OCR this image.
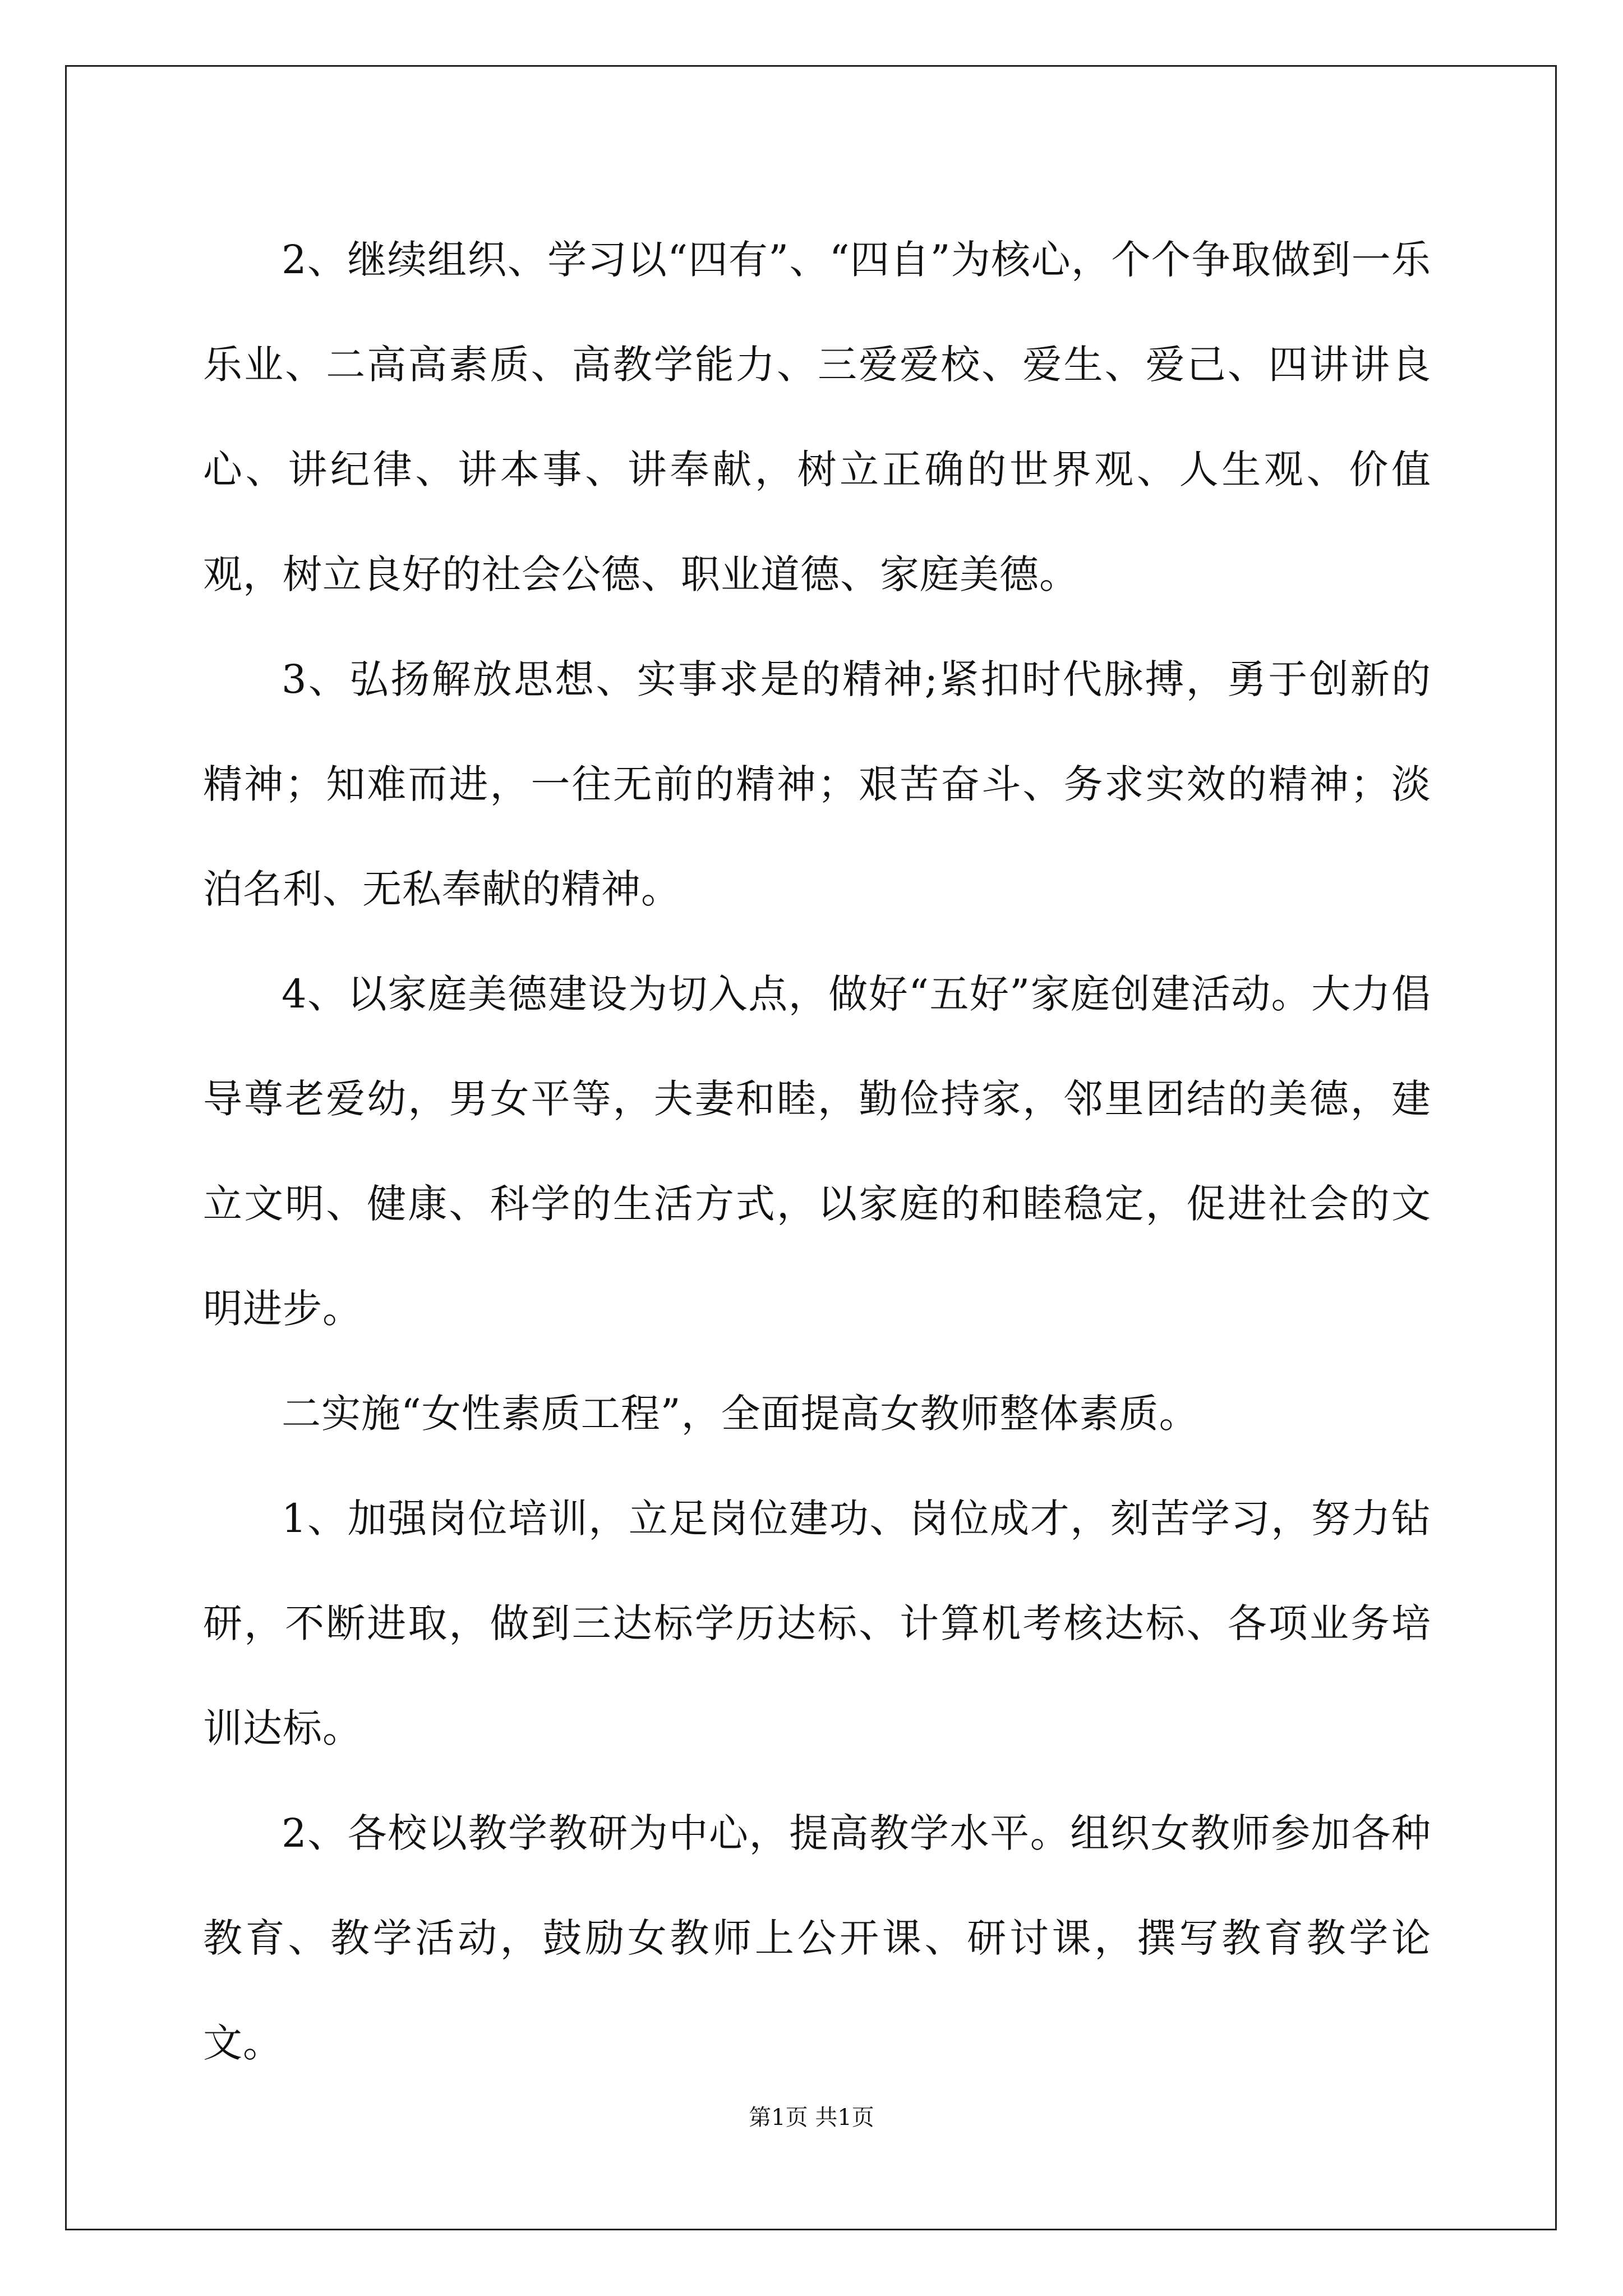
2、继续组织、学习以“四有”、“四自”为核心，个个争取做到一乐乐业、二高高素质、高教学能力、三爱爱校、爱生、爱己、四讲讲良心、讲纪律、讲本事、讲奉献，树立正确的世界观、人生观、价值观，树立良好的社会公德、职业道德、家庭美德。

3、弘扬解放思想、实事求是的精神;紧扣时代脉搏，勇于创新的精神；知难而进，一往无前的精神；艰苦奋斗、务求实效的精神；淡泊名利、无私奉献的精神。

4、以家庭美德建设为切入点，做好“五好”家庭创建活动。大力倡导尊老爱幼，男女平等，夫妻和睦，勤俭持家，邻里团结的美德，建立文明、健康、科学的生活方式，以家庭的和睦稳定，促进社会的文明进步。

二实施“女性素质工程”，全面提高女教师整体素质。

1、加强岗位培训，立足岗位建功、岗位成才，刻苦学习，努力钻研，不断进取，做到三达标学历达标、计算机考核达标、各项业务培训达标。

2、各校以教学教研为中心，提高教学水平。组织女教师参加各种教育、教学活动，鼓励女教师上公开课、研讨课，撰写教育教学论文。

第1页 共1页
